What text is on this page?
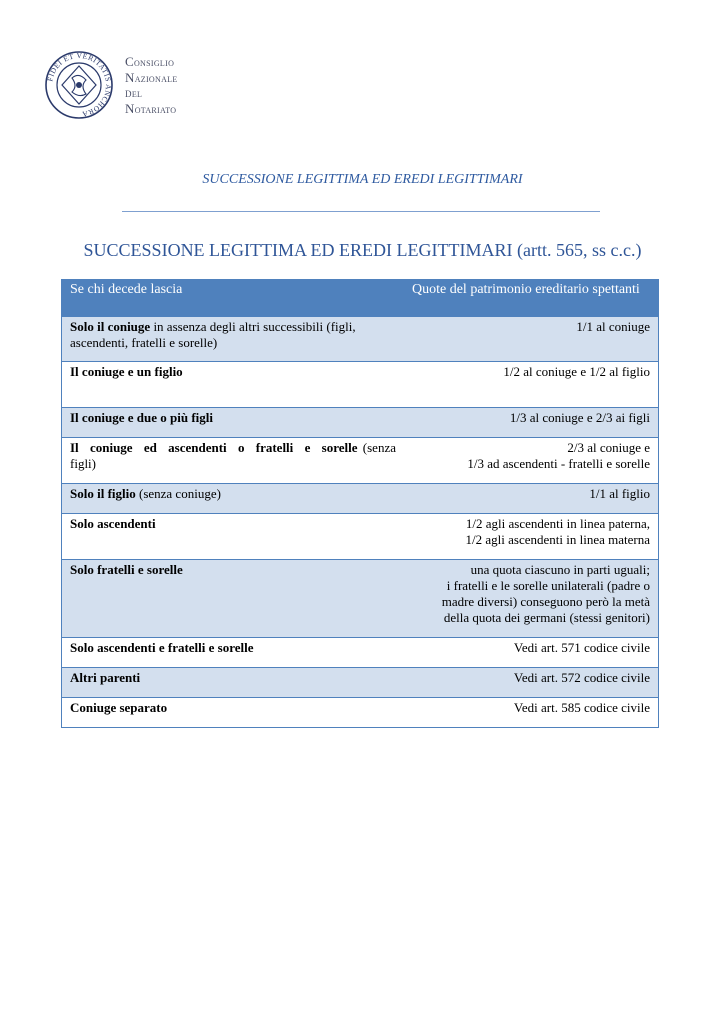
FIDEI ET VERITATIS ANCHORA
Consiglio
Nazionale
del
Notariato
SUCCESSIONE LEGITTIMA ED EREDI LEGITTIMARI
SUCCESSIONE LEGITTIMA ED EREDI LEGITTIMARI (artt. 565, ss c.c.)
Se chi decede lascia	Quote del patrimonio ereditario spettanti
Solo il coniuge in assenza degli altri successibili (figli, ascendenti, fratelli e sorelle)	1/1 al coniuge

Il coniuge e un figlio	1/2 al coniuge e 1/2 al figlio

Il coniuge e due o più figli	1/3 al coniuge e 2/3 ai figli

Il coniuge ed ascendenti o fratelli e sorelle (senza figli)	2/3 al coniuge e
1/3 ad ascendenti - fratelli e sorelle

Solo il figlio (senza coniuge)	1/1 al figlio

Solo ascendenti	1/2 agli ascendenti in linea paterna,
1/2 agli ascendenti in linea materna

Solo fratelli e sorelle	una quota ciascuno in parti uguali;
i fratelli e le sorelle unilaterali (padre o
madre diversi) conseguono però la metà
della quota dei germani (stessi genitori)

Solo ascendenti e fratelli e sorelle	Vedi art. 571 codice civile

Altri parenti	Vedi art. 572 codice civile

Coniuge separato	Vedi art. 585 codice civile
